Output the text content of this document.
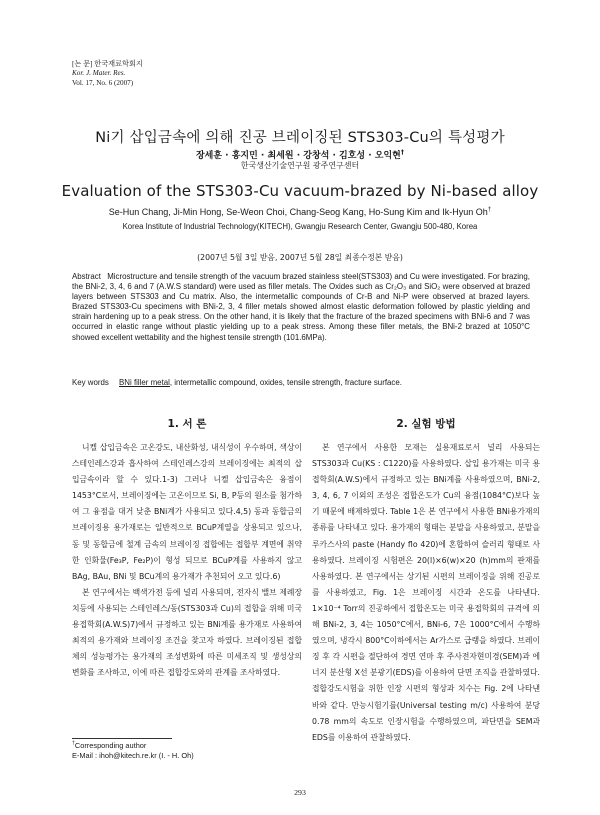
[논 문] 한국재료학회지
Kor. J. Mater. Res.
Vol. 17, No. 6 (2007)
Ni기 삽입금속에 의해 진공 브레이징된 STS303-Cu의 특성평가
장세훈 · 홍지민 · 최세원 · 강창석 · 김호성 · 오익현†
한국생산기술연구원 광주연구센터
Evaluation of the STS303-Cu vacuum-brazed by Ni-based alloy
Se-Hun Chang, Ji-Min Hong, Se-Weon Choi, Chang-Seog Kang, Ho-Sung Kim and Ik-Hyun Oh†
Korea Institute of Industrial Technology(KITECH), Gwangju Research Center, Gwangju 500-480, Korea
(2007년 5월 3일 받음, 2007년 5월 28일 최종수정본 받음)
Abstract Microstructure and tensile strength of the vacuum brazed stainless steel(STS303) and Cu were investigated. For brazing, the BNi-2, 3, 4, 6 and 7 (A.W.S standard) were used as filler metals. The Oxides such as Cr₂O₃ and SiO₂ were observed at brazed layers between STS303 and Cu matrix. Also, the intermetallic compounds of Cr-B and Ni-P were observed at brazed layers. Brazed STS303-Cu specimens with BNi-2, 3, 4 filler metals showed almost elastic deformation followed by plastic yielding and strain hardening up to a peak stress. On the other hand, it is likely that the fracture of the brazed specimens with BNi-6 and 7 was occurred in elastic range without plastic yielding up to a peak stress. Among these filler metals, the BNi-2 brazed at 1050°C showed excellent wettability and the highest tensile strength (101.6MPa).
Key words BNi filler metal, intermetallic compound, oxides, tensile strength, fracture surface.
1. 서 론	2. 실험 방법

니켈 삽입금속은 고온강도, 내산화성, 내식성이 우수하며, 색상이 스테인레스강과 흡사하여 스테인레스강의 브레이징에는 최적의 삽입금속이라 할 수 있다.1-3) 그러나 니켈 삽입금속은 융점이 1453°C로서, 브레이징에는 고온이므로 Si, B, P등의 원소를 첨가하여 그 융점을 대거 낮춘 BNi계가 사용되고 있다.4,5) 동과 동합금의 브레이징용 용가재로는 일반적으로 BCuP계열을 상용되고 있으나, 동 및 동합금에 철계 금속의 브레이징 접합에는 접합부 계면에 취약한 인화물(Fe₃P, Fe₂P)이 형성 되므로 BCuP계를 사용하지 않고 BAg, BAu, BNi 및 BCu계의 용가재가 추천되어 오고 있다.6)

본 연구에서는 백색가전 등에 널리 사용되며, 전자식 밸브 제례장치등에 사용되는 스테인레스/동(STS303과 Cu)의 접합을 위해 미국 용접학회(A.W.S)7)에서 규정하고 있는 BNi계를 용가재로 사용하여 최적의 용가재와 브레이징 조건을 찾고자 하였다. 브레이징된 접합체의 성능평가는 용가재의 조성변화에 따른 미세조직 및 생성상의 변화를 조사하고, 이에 따른 접합강도와의 관계를 조사하였다.

본 연구에서 사용한 모재는 실용재료로서 널리 사용되는 STS303과 Cu(KS : C1220)를 사용하였다. 삽입 용가재는 미국 용접학회(A.W.S)에서 규정하고 있는 BNi계를 사용하였으며, BNi-2, 3, 4, 6, 7 이외의 조성은 접합온도가 Cu의 융점(1084°C)보다 높기 때문에 배제하였다. Table 1은 본 연구에서 사용한 BNi용가재의 종류를 나타내고 있다. 용가재의 형태는 분말을 사용하였고, 분말을 루카스사의 paste (Handy flo 420)에 혼합하여 슬러리 형태로 사용하였다. 브레이징 시험편은 20(l)×6(w)×20 (h)mm의 판재를 사용하였다. 본 연구에서는 상기된 시편의 브레이징을 위해 진공로를 사용하였고, Fig. 1은 브레이징 시간과 온도를 나타낸다. 1×10⁻⁴ Torr의 진공하에서 접합온도는 미국 용접학회의 규격에 의해 BNi-2, 3, 4는 1050°C에서, BNi-6, 7은 1000°C에서 수행하였으며, 냉각시 800°C이하에서는 Ar가스로 급랭을 하였다. 브레이징 후 각 시편을 절단하여 경면 연마 후 주사전자현미경(SEM)과 에너지 분산형 X선 분광기(EDS)를 이용하여 단면 조직을 관찰하였다. 접합강도시험을 위한 인장 시편의 형상과 치수는 Fig. 2에 나타낸 바와 같다. 만능시험기를(Universal testing m/c) 사용하여 분당 0.78 mm의 속도로 인장시험을 수행하였으며, 파단면을 SEM과 EDS를 이용하여 관찰하였다.

†Corresponding author
E-Mail : ihoh@kitech.re.kr (I. - H. Oh)
293
